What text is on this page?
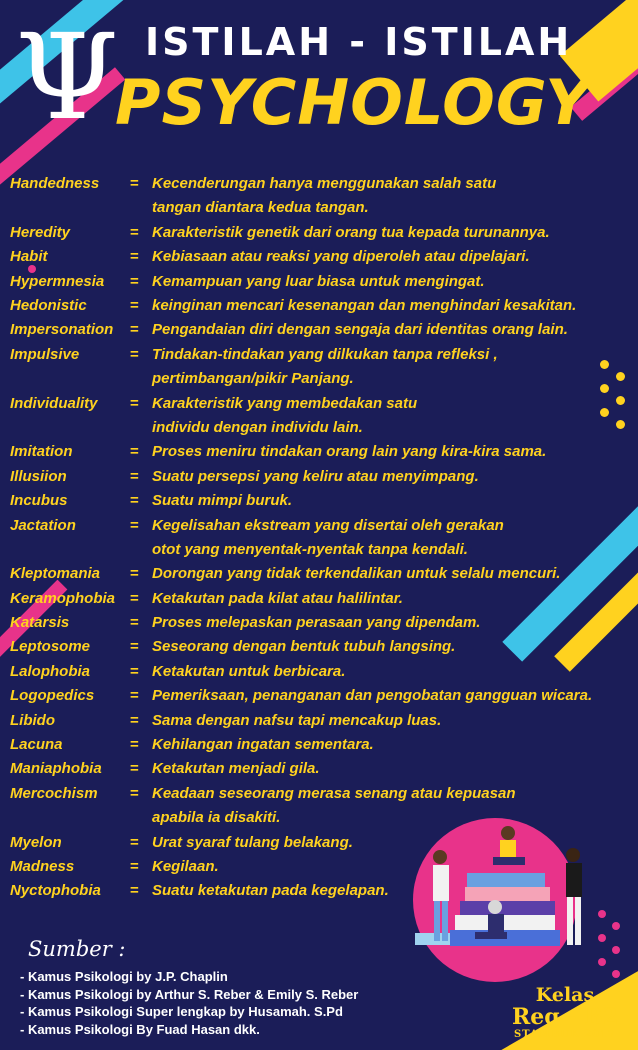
Ψ ISTILAH - ISTILAH
PSYCHOLOGY
Handedness = Kecenderungan hanya menggunakan salah satu
tangan diantara kedua tangan.
Heredity	= Karakteristik genetik dari orang tua kepada turunannya.
Habit	= Kebiasaan atau reaksi yang diperoleh atau dipelajari.
Hypermnesia = Kemampuan yang luar biasa untuk mengingat.
Hedonistic	= keinginan mencari kesenangan dan menghindari kesakitan.
Impersonation = Pengandaian diri dengan sengaja dari identitas orang lain.
Impulsive	= Tindakan-tindakan yang dilkukan tanpa refleksi ,
pertimbangan/pikir Panjang.
Individuality = Karakteristik yang membedakan satu
individu dengan individu lain.
Imitation	= Proses meniru tindakan orang lain yang kira-kira sama.
Illusiion	= Suatu persepsi yang keliru atau menyimpang.
Incubus	= Suatu mimpi buruk.
Jactation	= Kegelisahan ekstream yang disertai oleh gerakan
otot yang menyentak-nyentak tanpa kendali.
Kleptomania = Dorongan yang tidak terkendalikan untuk selalu mencuri.
Keramophobia = Ketakutan pada kilat atau halilintar.
Katarsis	= Proses melepaskan perasaan yang dipendam.
Leptosome	= Seseorang dengan bentuk tubuh langsing.
Lalophobia	= Ketakutan untuk berbicara.
Logopedics = Pemeriksaan, penanganan dan pengobatan gangguan wicara.
Libido	= Sama dengan nafsu tapi mencakup luas.
Lacuna	= Kehilangan ingatan sementara.
Maniaphobia = Ketakutan menjadi gila.
Mercochism = Keadaan seseorang merasa senang atau kepuasan
apabila ia disakiti.
Myelon	= Urat syaraf tulang belakang.
Madness	= Kegilaan.
Nyctophobia = Suatu ketakutan pada kegelapan.
Sumber :
- Kamus Psikologi by J.P. Chaplin
- Kamus Psikologi by Arthur S. Reber & Emily S. Reber
- Kamus Psikologi Super lengkap by Husamah. S.Pd
- Kamus Psikologi By Fuad Hasan dkk.
Kelas
Reg - B2
STAMBUK 2017
